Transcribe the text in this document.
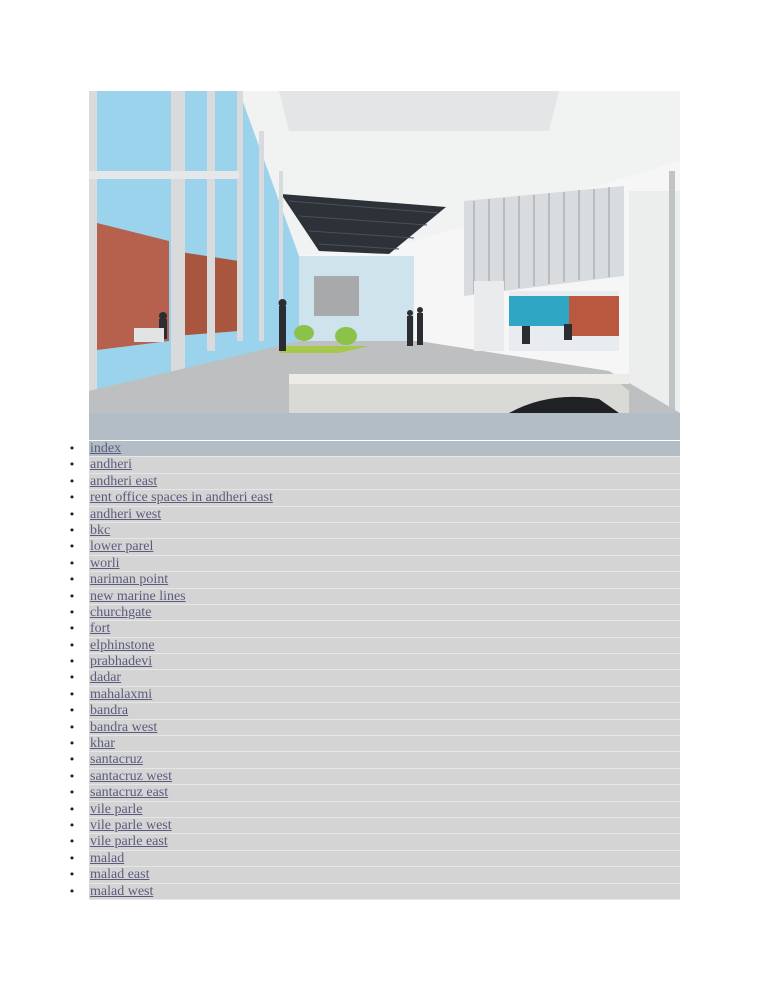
• index
• andheri
• andheri east
• rent office spaces in andheri east
• andheri west
• bkc
• lower parel
• worli
• nariman point
• new marine lines
• churchgate
• fort
• elphinstone
• prabhadevi
• dadar
• mahalaxmi
• bandra
• bandra west
• khar
• santacruz
• santacruz west
• santacruz east
• vile parle
• vile parle west
• vile parle east
• malad
• malad east
• malad west
